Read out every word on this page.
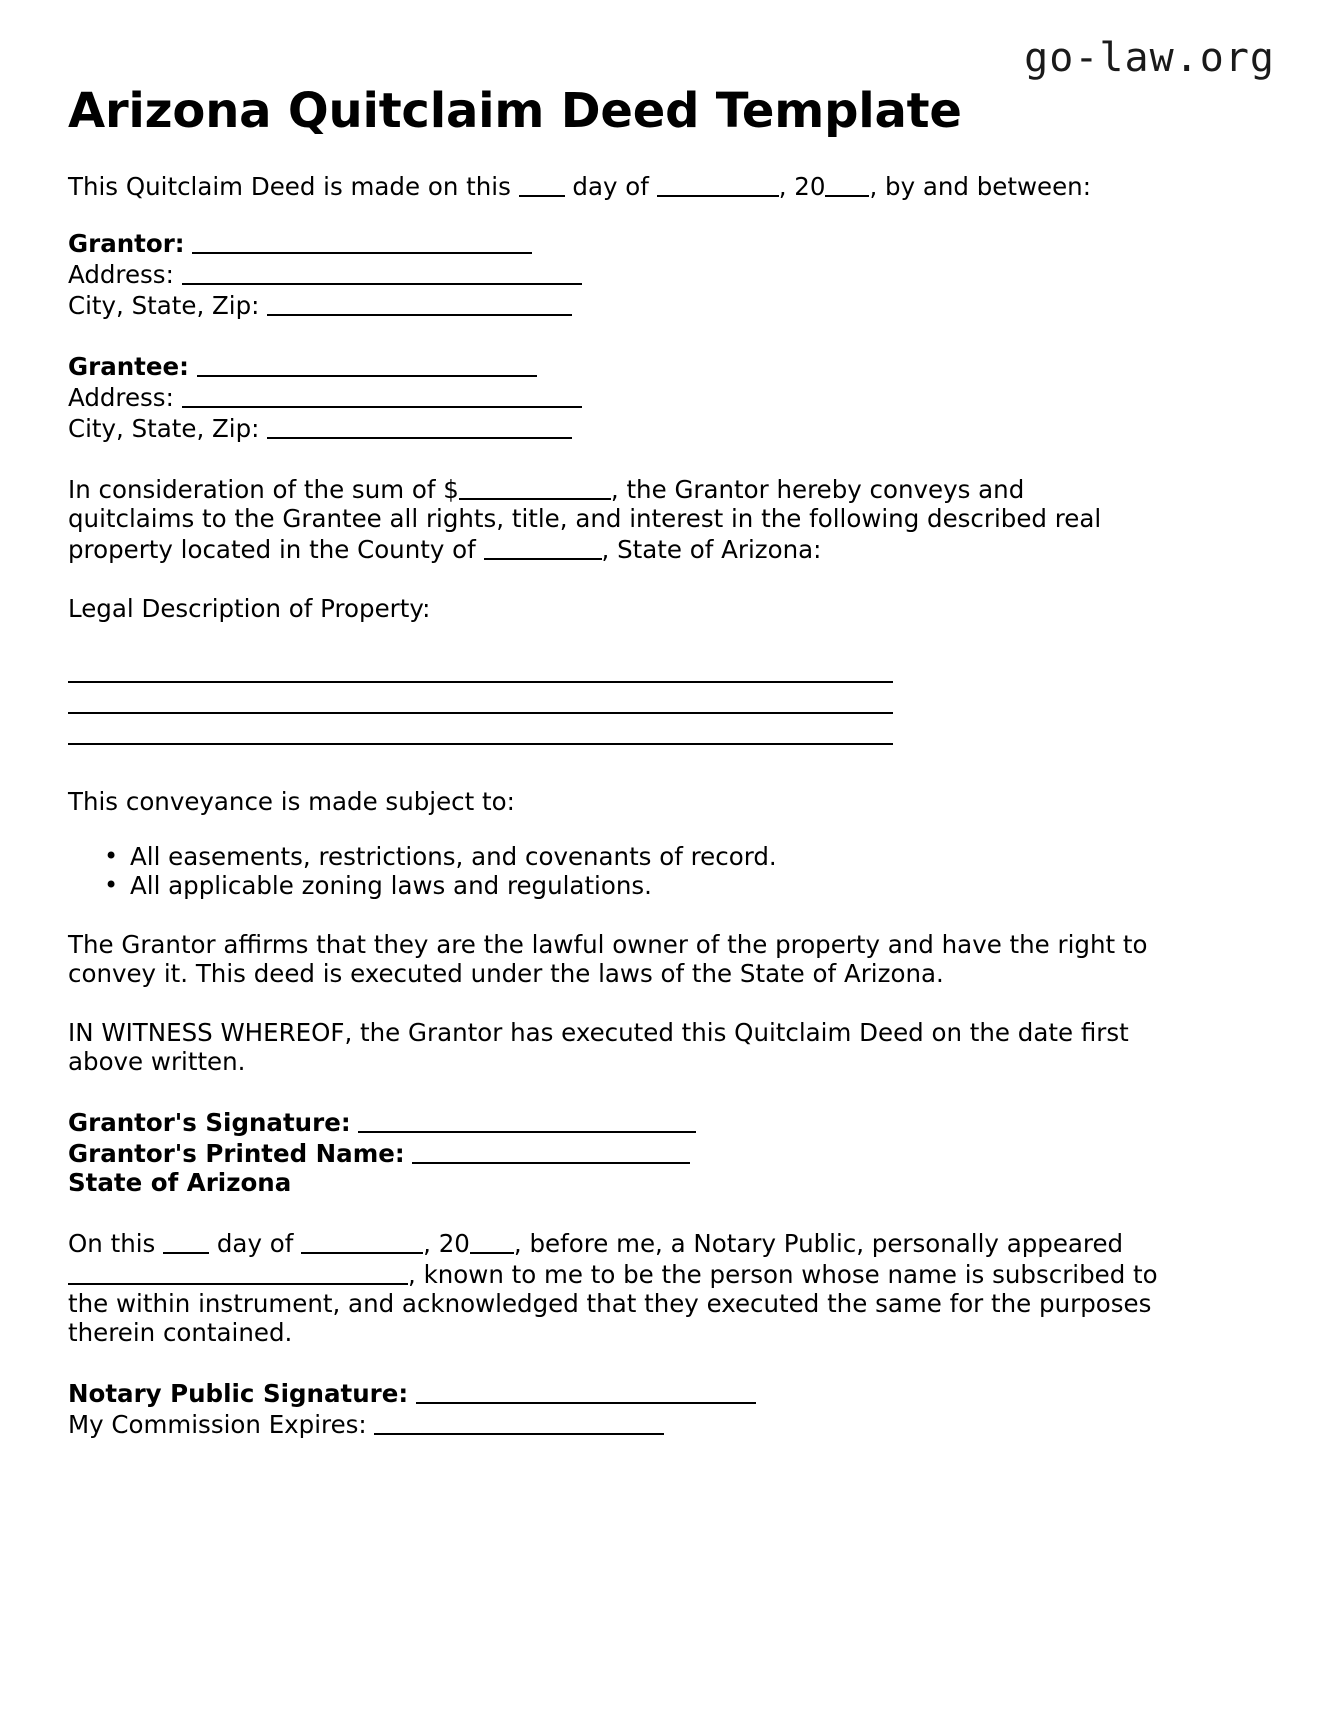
go-law.org
Arizona Quitclaim Deed Template

This Quitclaim Deed is made on this  day of	, 20 , by and between:

Grantor:

Address:

City, State, Zip:

Grantee:

Address:

City, State, Zip:

In consideration of the sum of $	, the Grantor hereby conveys and quitclaims to the Grantee all rights, title, and interest in the following described real property located in the County of	, State of Arizona:

Legal Description of Property:

This conveyance is made subject to:

• All easements, restrictions, and covenants of record.
• All applicable zoning laws and regulations.

The Grantor affirms that they are the lawful owner of the property and have the right to convey it. This deed is executed under the laws of the State of Arizona.

IN WITNESS WHEREOF, the Grantor has executed this Quitclaim Deed on the date first above written.

Grantor's Signature:

Grantor's Printed Name:

State of Arizona

On this  day of	, 20 , before me, a Notary Public, personally appeared , known to me to be the person whose name is subscribed to the within instrument, and acknowledged that they executed the same for the purposes therein contained.

Notary Public Signature:

My Commission Expires:
